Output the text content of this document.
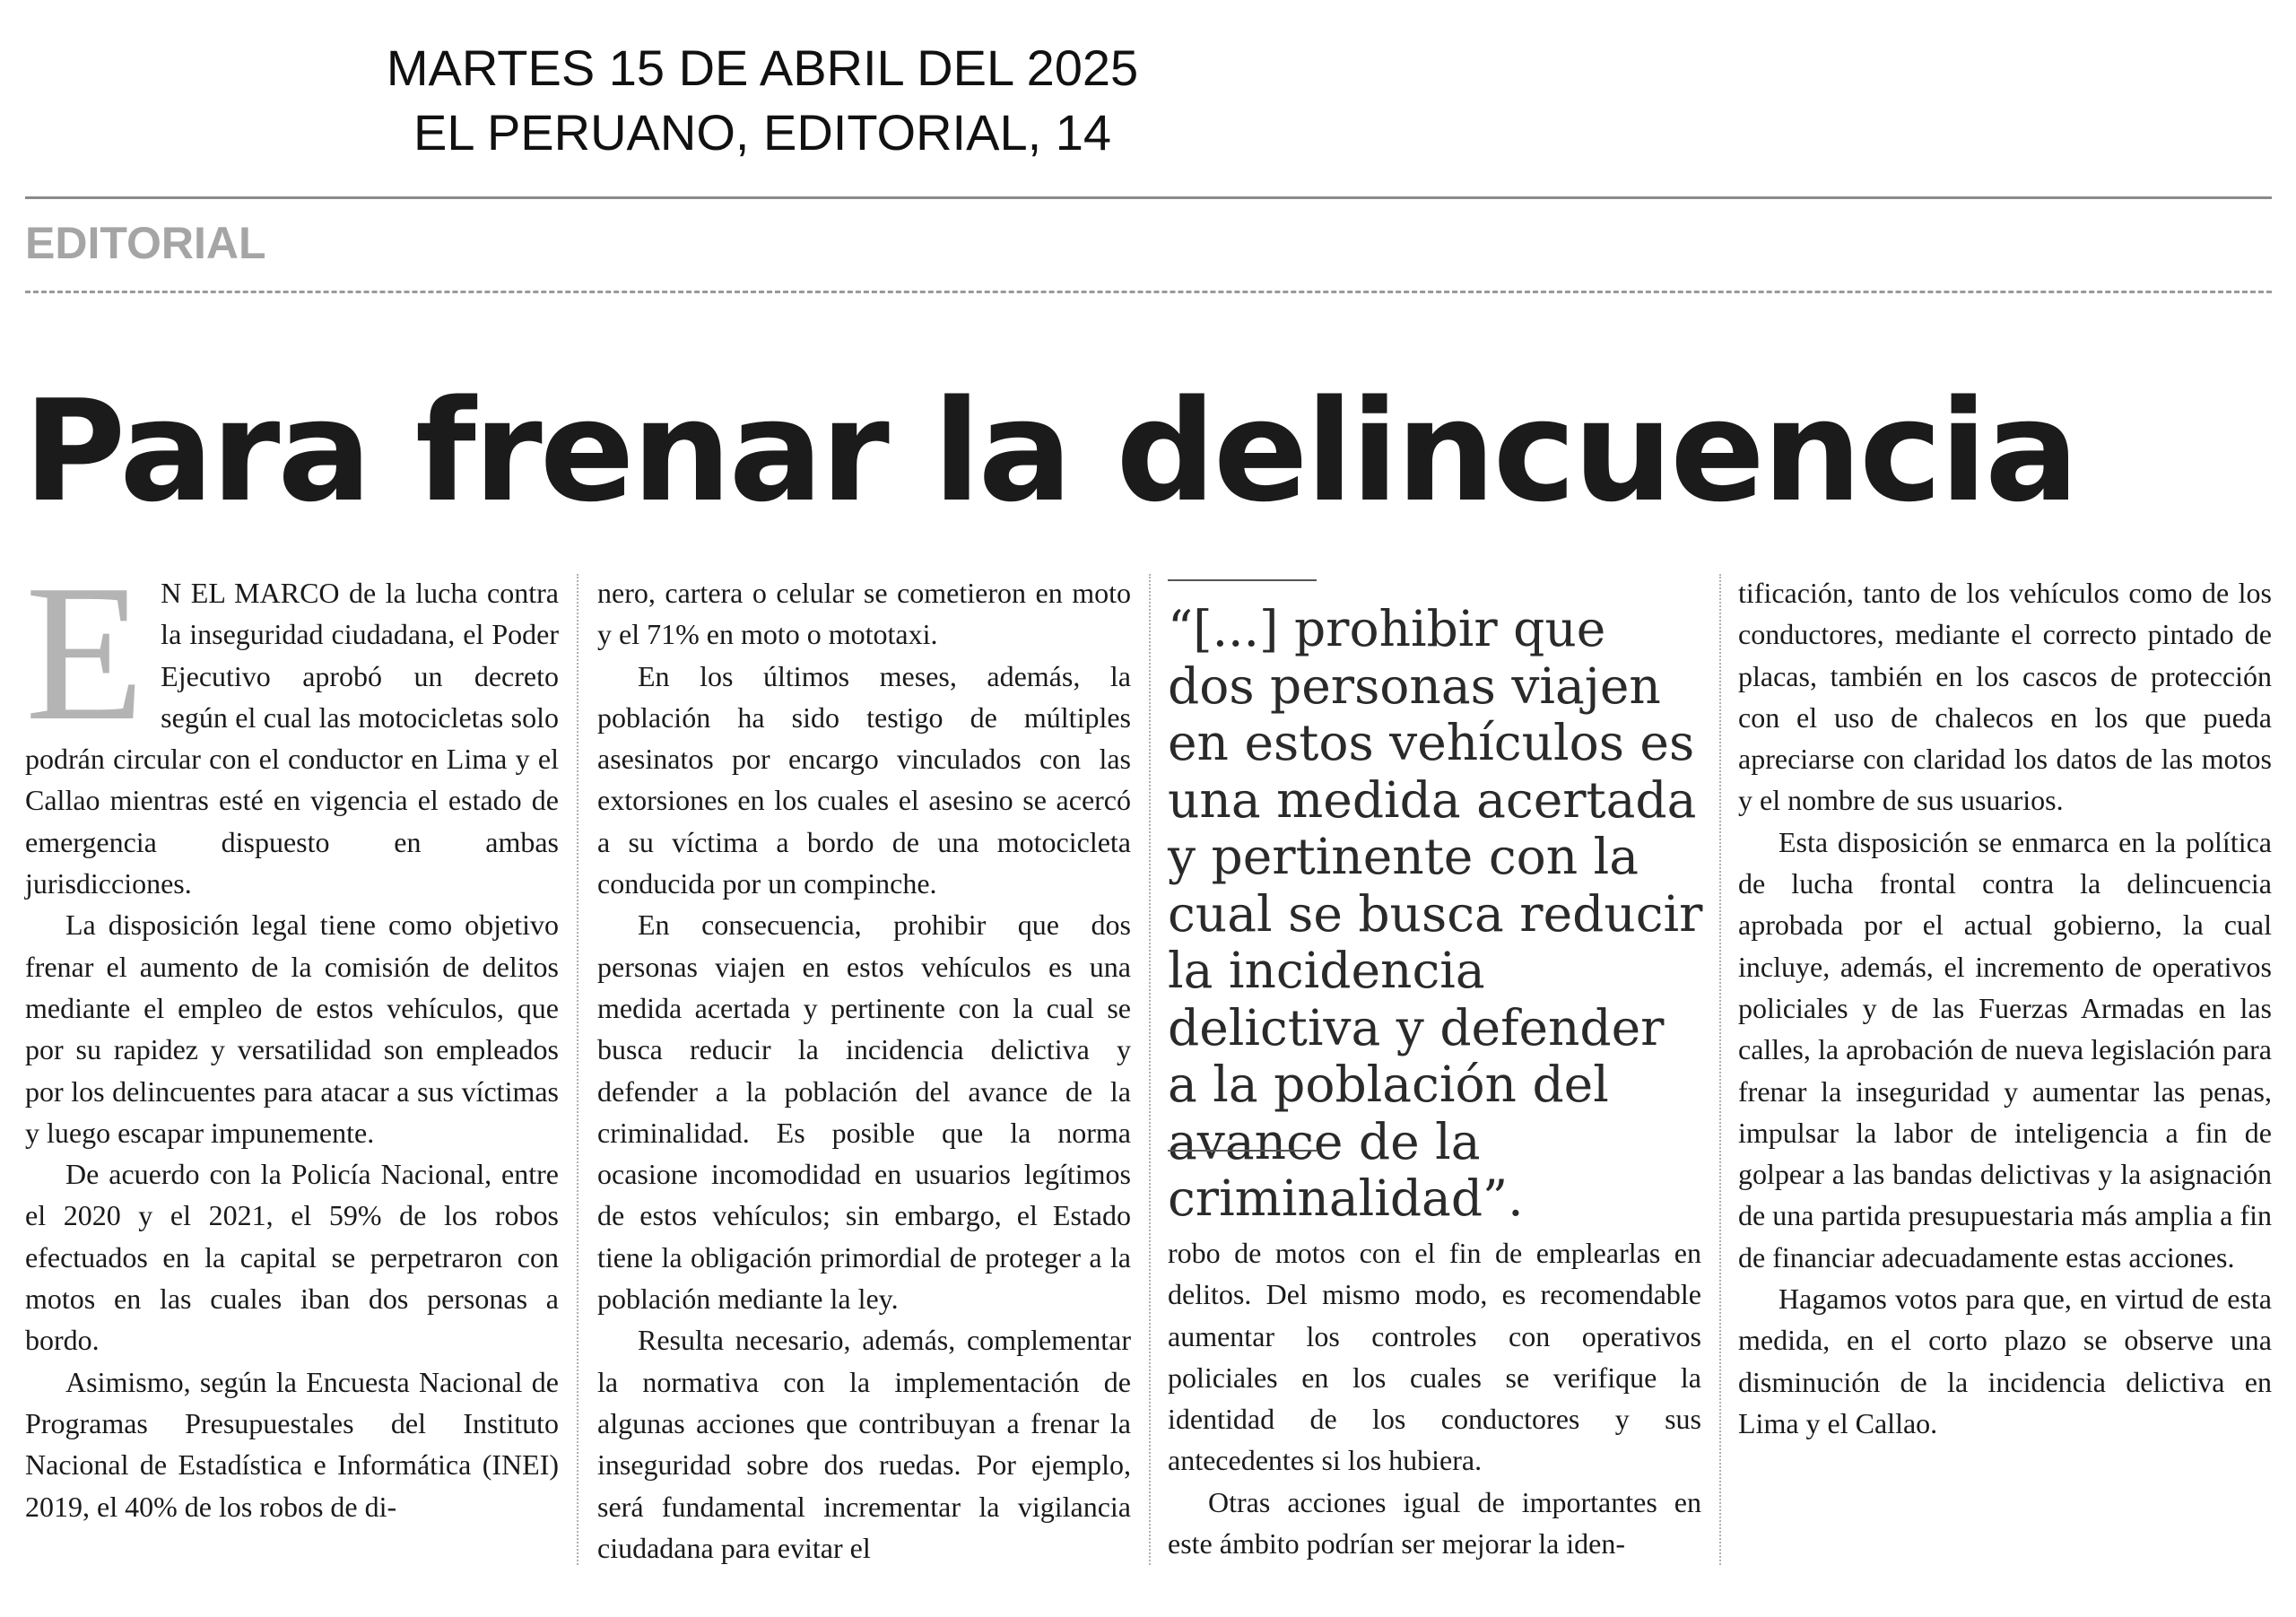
MARTES 15 DE ABRIL DEL 2025
EL PERUANO, EDITORIAL, 14
EDITORIAL
Para frenar la delincuencia

E N EL MARCO de la lucha contra la inseguridad ciudadana, el Poder Ejecutivo aprobó un decreto según el cual las motocicletas solo podrán circular con el conductor en Lima y el Callao mientras esté en vigencia el estado de emergencia dispuesto en ambas jurisdicciones.

La disposición legal tiene como objetivo frenar el aumento de la comisión de delitos mediante el empleo de estos vehículos, que por su rapidez y versatilidad son empleados por los delincuentes para atacar a sus víctimas y luego escapar impunemente.

De acuerdo con la Policía Nacional, entre el 2020 y el 2021, el 59% de los robos efectuados en la capital se perpetraron con motos en las cuales iban dos personas a bordo.

Asimismo, según la Encuesta Nacional de Programas Presupuestales del Instituto Nacional de Estadística e Informática (INEI) 2019, el 40% de los robos de di-

nero, cartera o celular se cometieron en moto y el 71% en moto o mototaxi.

En los últimos meses, además, la población ha sido testigo de múltiples asesinatos por encargo vinculados con las extorsiones en los cuales el asesino se acercó a su víctima a bordo de una motocicleta conducida por un compinche.

En consecuencia, prohibir que dos personas viajen en estos vehículos es una medida acertada y pertinente con la cual se busca reducir la incidencia delictiva y defender a la población del avance de la criminalidad. Es posible que la norma ocasione incomodidad en usuarios legítimos de estos vehículos; sin embargo, el Estado tiene la obligación primordial de proteger a la población mediante la ley.

Resulta necesario, además, complementar la normativa con la implementación de algunas acciones que contribuyan a frenar la inseguridad sobre dos ruedas. Por ejemplo, será fundamental incrementar la vigilancia ciudadana para evitar el

“[...] prohibir que dos personas viajen en estos vehículos es una medida acertada y pertinente con la cual se busca reducir la incidencia delictiva y defender a la población del avance de la criminalidad”.

robo de motos con el fin de emplearlas en delitos. Del mismo modo, es recomendable aumentar los controles con operativos policiales en los cuales se verifique la identidad de los conductores y sus antecedentes si los hubiera.

Otras acciones igual de importantes en este ámbito podrían ser mejorar la iden-

tificación, tanto de los vehículos como de los conductores, mediante el correcto pintado de placas, también en los cascos de protección con el uso de chalecos en los que pueda apreciarse con claridad los datos de las motos y el nombre de sus usuarios.

Esta disposición se enmarca en la política de lucha frontal contra la delincuencia aprobada por el actual gobierno, la cual incluye, además, el incremento de operativos policiales y de las Fuerzas Armadas en las calles, la aprobación de nueva legislación para frenar la inseguridad y aumentar las penas, impulsar la labor de inteligencia a fin de golpear a las bandas delictivas y la asignación de una partida presupuestaria más amplia a fin de financiar adecuadamente estas acciones.

Hagamos votos para que, en virtud de esta medida, en el corto plazo se observe una disminución de la incidencia delictiva en Lima y el Callao.
